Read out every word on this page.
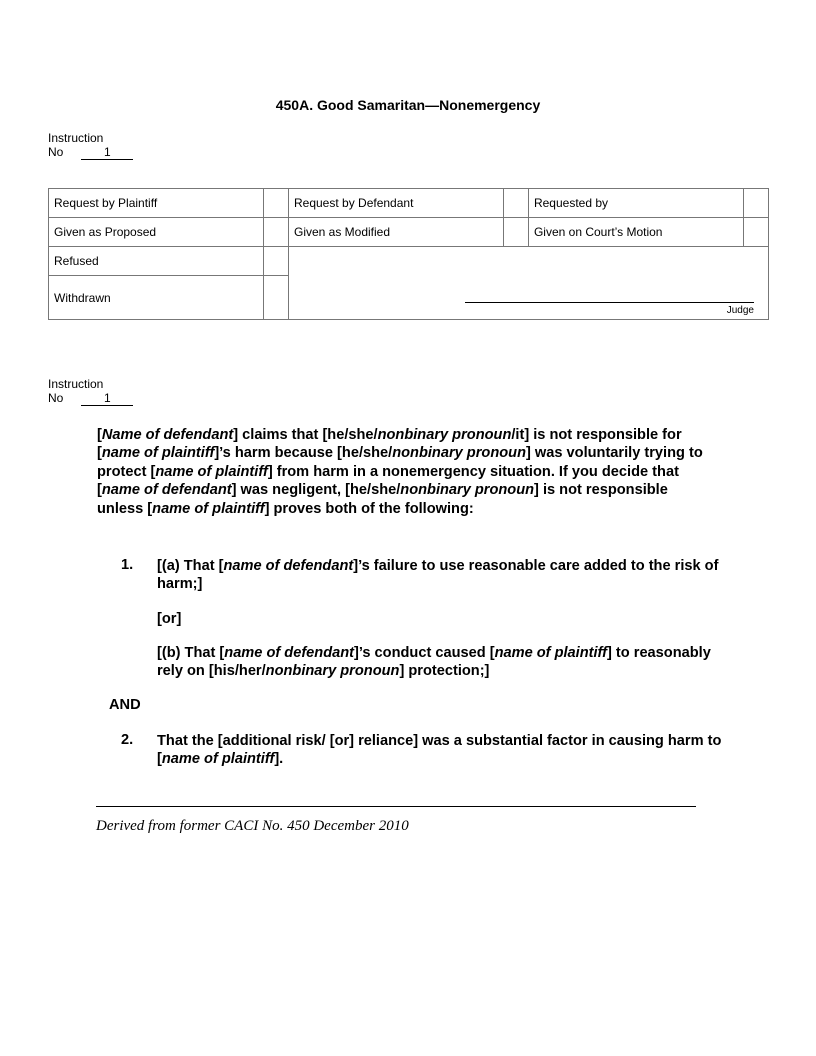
450A. Good Samaritan—Nonemergency
Instruction
No	1
Request by Plaintiff		Request by Defendant		Requested by	
Given as Proposed		Given as Modified		Given on Court’s Motion	
Refused		Judge			

Withdrawn					
Instruction
No	1
[Name of defendant] claims that [he/she/nonbinary pronoun/it] is not responsible for [name of plaintiff]’s harm because [he/she/nonbinary pronoun] was voluntarily trying to protect [name of plaintiff] from harm in a nonemergency situation. If you decide that [name of defendant] was negligent, [he/she/nonbinary pronoun] is not responsible unless [name of plaintiff] proves both of the following:
1. [(a) That [name of defendant]’s failure to use reasonable care added to the risk of harm;]
[or]
[(b) That [name of defendant]’s conduct caused [name of plaintiff] to reasonably rely on [his/her/nonbinary pronoun] protection;]
AND
2. That the [additional risk/ [or] reliance] was a substantial factor in causing harm to [name of plaintiff].
Derived from former CACI No. 450 December 2010
